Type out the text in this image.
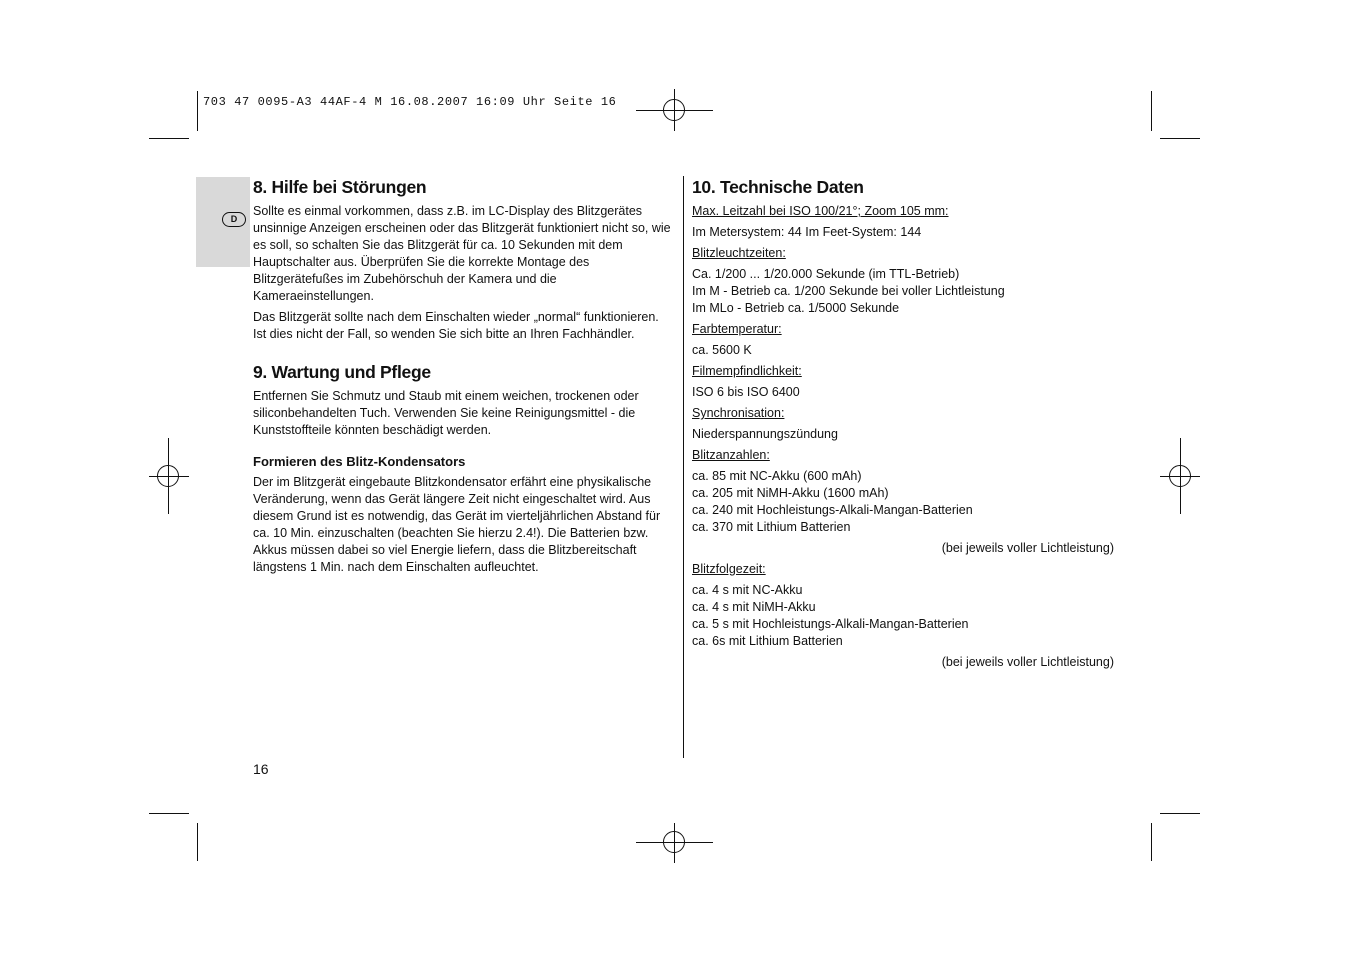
703 47 0095-A3 44AF-4 M 16.08.2007 16:09 Uhr Seite 16
D
8. Hilfe bei Störungen

Sollte es einmal vorkommen, dass z.B. im LC-Display des Blitzgerätes unsinnige Anzeigen erscheinen oder das Blitzgerät funktioniert nicht so, wie es soll, so schalten Sie das Blitzgerät für ca. 10 Sekunden mit dem Hauptschalter aus. Überprüfen Sie die korrekte Montage des Blitzgerätefußes im Zubehörschuh der Kamera und die Kameraeinstellungen.

Das Blitzgerät sollte nach dem Einschalten wieder „normal“ funktionieren. Ist dies nicht der Fall, so wenden Sie sich bitte an Ihren Fachhändler.

9. Wartung und Pflege

Entfernen Sie Schmutz und Staub mit einem weichen, trockenen oder siliconbehandelten Tuch. Verwenden Sie keine Reinigungsmittel - die Kunststoffteile könnten beschädigt werden.

Formieren des Blitz-Kondensators

Der im Blitzgerät eingebaute Blitzkondensator erfährt eine physikalische Veränderung, wenn das Gerät längere Zeit nicht eingeschaltet wird. Aus diesem Grund ist es notwendig, das Gerät im vierteljährlichen Abstand für ca. 10 Min. einzuschalten (beachten Sie hierzu 2.4!). Die Batterien bzw. Akkus müssen dabei so viel Energie liefern, dass die Blitzbereitschaft längstens 1 Min. nach dem Einschalten aufleuchtet.

10. Technische Daten
Max. Leitzahl bei ISO 100/21°; Zoom 105 mm:
Im Metersystem: 44 Im Feet-System: 144
Blitzleuchtzeiten:
Ca. 1/200 ... 1/20.000 Sekunde (im TTL-Betrieb)
Im M - Betrieb ca. 1/200 Sekunde bei voller Lichtleistung
Im MLo - Betrieb ca. 1/5000 Sekunde
Farbtemperatur:
ca. 5600 K
Filmempfindlichkeit:
ISO 6 bis ISO 6400
Synchronisation:
Niederspannungszündung
Blitzanzahlen:
ca. 85 mit NC-Akku (600 mAh)
ca. 205 mit NiMH-Akku (1600 mAh)
ca. 240 mit Hochleistungs-Alkali-Mangan-Batterien
ca. 370 mit Lithium Batterien
(bei jeweils voller Lichtleistung)
Blitzfolgezeit:
ca. 4 s mit NC-Akku
ca. 4 s mit NiMH-Akku
ca. 5 s mit Hochleistungs-Alkali-Mangan-Batterien
ca. 6s mit Lithium Batterien
(bei jeweils voller Lichtleistung)
16
